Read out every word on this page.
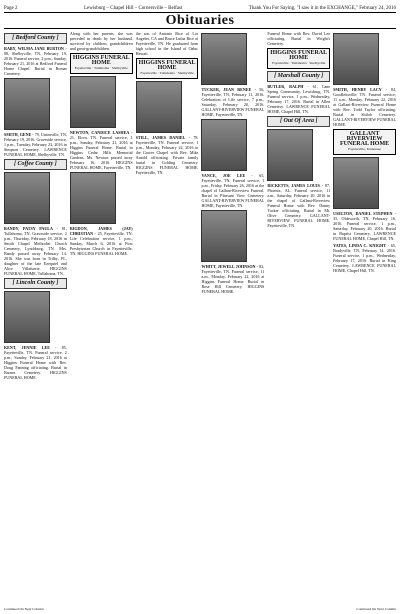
Page 2	Lewisburg – Chapel Hill – Cornersville – Belfast	Thank You For Saying, "I saw it in the EXCHANGE," February 24, 2016
Obituaries
[ Bedford County ]

RABY, WILMA JANE BURTON - 88, Shelbyville, TN, February 19, 2016. Funeral service, 2 p.m., Sunday, February 21, 2016 at Bedford Funeral Home Chapel. Burial in Bomar Cemetery.

SMITH, GENE - 79, Unionville, TN, February 19, 2016. Graveside service, 1 p.m., Tuesday, February 23, 2016 in Simpson Cemetery. LAWRENCE FUNERAL HOME, Shelbyville, TN.

[ Coffee County ]

BANDY, PATSY PAULA - 81, Tullahoma, TN. Graveside service, 2 p.m., Thursday, February 18, 2016 in Smith Chapel Methodist Church Cemetery, Lynchburg, TN. Mrs. Bandy passed away February 14, 2016. She was born in Trilby, FL, daughter of the late Ezequiel and Alice Villafuerte. HIGGINS FUNERAL HOME, Tullahoma, TN.

[ Lincoln County ]

KENT, JENNIE LEE - 85, Fayetteville, TN. Funeral service, 2 p.m., Sunday, February 21, 2016 at Higgins Funeral Home with Rev. Doug Fanning officiating. Burial in Barnes Cemetery. HIGGINS FUNERAL HOME.

Along with her parents, she was preceded in death by her husband, survived by children, grandchildren and great-grandchildren.

HIGGINS FUNERAL HOME
Fayetteville · Tullahoma · Shelbyville

NEWTON, CANDICE LASHEA - 21, Elora, TN. Funeral service, 1 p.m., Sunday, February 21, 2016 at Higgins Funeral Home. Burial in Higgins Cedar Hills Memorial Gardens. Ms. Newton passed away February 16, 2016. HIGGINS FUNERAL HOME, Fayetteville, TN.

RIGDON, JAMES (JAY) CHRISTIAN - 25, Fayetteville, TN. Life Celebration service, 1 p.m., Sunday, March 6, 2016 at First Presbyterian Church in Fayetteville, TN. HIGGINS FUNERAL HOME.

the son of Antonio Rice of Los Angeles, CA and Bruce Lutha Rice of Fayetteville, TN. He graduated from high school in the Island of Oahu, Hawaii.

HIGGINS FUNERAL HOME
Fayetteville · Tullahoma · Shelbyville

STILL, JAMES DANIEL - 78, Fayetteville, TN. Funeral service, 1 p.m., Monday, February 22, 2016 in the Gower Chapel with Rev. Mike Arnold officiating. Private family burial in Golding Cemetery. HIGGINS FUNERAL HOME, Fayetteville, TN.

TUCKER, JEAN RENEE - 56, Fayetteville, TN, February 11, 2016. Celebration of Life service, 7 p.m., Saturday, February 20, 2016. GALLANT-RIVERVIEW FUNERAL HOME, Fayetteville, TN.

VANCE, JOE LEE - 65, Fayetteville, TN. Funeral service, 1 p.m., Friday, February 26, 2016 at the chapel of Gallant-Riverview Funeral. Burial in Pleasant View Cemetery. GALLANT-RIVERVIEW FUNERAL HOME, Fayetteville, TN.

WHITT, JEWELL JOHNSON - 82, Fayetteville, TN. Funeral service, 11 a.m., Monday, February 22, 2016 at Higgins Funeral Home. Burial in Rose Hill Cemetery. HIGGINS FUNERAL HOME.

Funeral Home with Rev. David Lee officiating. Burial in Wright's Cemetery.

HIGGINS FUNERAL HOME
Fayetteville · Tullahoma · Shelbyville
[ Marshall County ]

BUTLER, RALPH - 61, Cane Spring Community, Lewisburg, TN. Funeral service, 1 p.m., Wednesday, February 17, 2016. Burial in Allen Cemetery. LAWRENCE FUNERAL HOME, Chapel Hill, TN.

[ Out Of Area ]

RICKETTS, JAMES LOUIS - 87, Phoenix, AL. Funeral service, 11 a.m., Saturday, February 20, 2016 in the chapel of Gallant-Riverview Funeral Home with Rev. Danny Tucker officiating. Burial in Mt. Olive Cemetery. GALLANT-RIVERVIEW FUNERAL HOME, Fayetteville, TN.

SMITH, HENRY LACY - 84, Goodlettsville, TN. Funeral service, 11 a.m., Monday, February 22, 2016 at Gallant-Riverview Funeral Home with Rev. Todd Taylor officiating. Burial in Shiloh Cemetery. GALLANT-RIVERVIEW FUNERAL HOME.

GALLANT RIVERVIEW FUNERAL HOME
Fayetteville, Tennessee

USELTON, DANIEL STEPHEN - 35, Oldsworth, TN, February 16, 2016. Funeral service, 1 p.m., Saturday, February 20, 2016. Burial in Baptist Cemetery. LAWRENCE FUNERAL HOME, Chapel Hill, TN.

YATES, LINDA C. KNIGHT - 65, Bradyville, TN, February 14, 2016. Funeral service, 1 p.m., Wednesday, February 17, 2016. Burial in King Cemetery. LAWRENCE FUNERAL HOME, Chapel Hill, TN.

Continued On Next Column	Continued On Next Column
